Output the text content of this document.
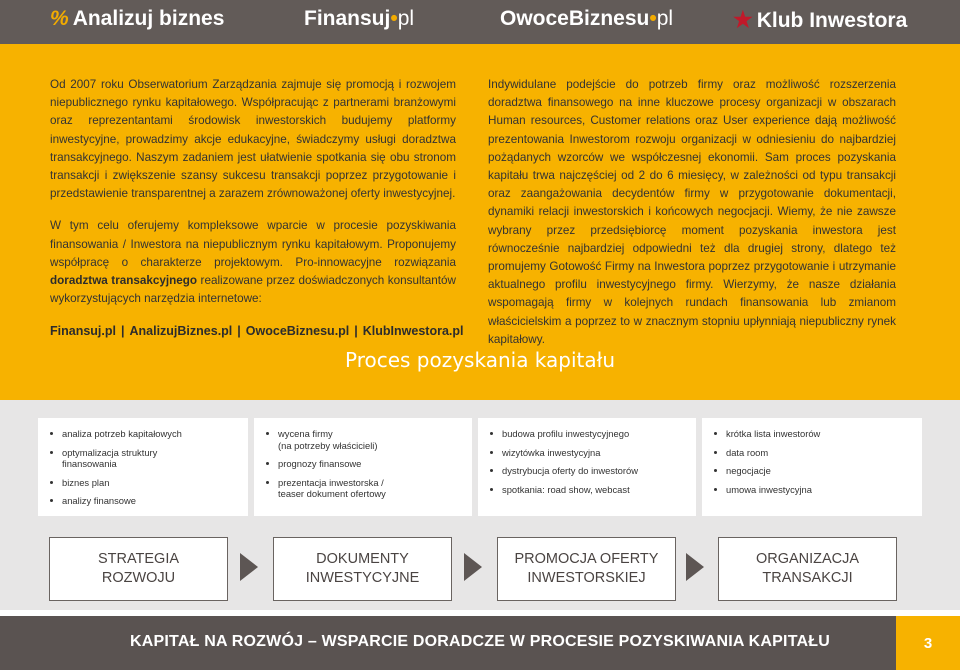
% Analizuj biznes	Finansuj•pl	OwoceBiznesu•pl	★ Klub Inwestora

Od 2007 roku Obserwatorium Zarządzania zajmuje się promocją i rozwojem niepublicznego rynku kapitałowego. Współpracując z partnerami branżowymi oraz reprezentantami środowisk inwestorskich budujemy platformy inwestycyjne, prowadzimy akcje edukacyjne, świadczymy usługi doradztwa transakcyjnego. Naszym zadaniem jest ułatwienie spotkania się obu stronom transakcji i zwiększenie szansy sukcesu transakcji poprzez przygotowanie i przedstawienie transparentnej a zarazem zrównoważonej oferty inwestycyjnej.

W tym celu oferujemy kompleksowe wparcie w procesie pozyskiwania finansowania / Inwestora na niepublicznym rynku kapitałowym. Proponujemy współpracę o charakterze projektowym. Pro-innowacyjne rozwiązania doradztwa transakcyjnego realizowane przez doświadczonych konsultantów wykorzystujących narzędzia internetowe:

Finansuj.pl | AnalizujBiznes.pl | OwoceBiznesu.pl | KlubInwestora.pl

Indywidulane podejście do potrzeb firmy oraz możliwość rozszerzenia doradztwa finansowego na inne kluczowe procesy organizacji w obszarach Human resources, Customer relations oraz User experience dają możliwość prezentowania Inwestorom rozwoju organizacji w odniesieniu do najbardziej pożądanych wzorców we współczesnej ekonomii. Sam proces pozyskania kapitału trwa najczęściej od 2 do 6 miesięcy, w zależności od typu transakcji oraz zaangażowania decydentów firmy w przygotowanie dokumentacji, dynamiki relacji inwestorskich i końcowych negocjacji. Wiemy, że nie zawsze wybrany przez przedsiębiorcę moment pozyskania inwestora jest równocześnie najbardziej odpowiedni też dla drugiej strony, dlatego też promujemy Gotowość Firmy na Inwestora poprzez przygotowanie i utrzymanie aktualnego profilu inwestycyjnego firmy. Wierzymy, że nasze działania wspomagają firmy w kolejnych rundach finansowania lub zmianom właścicielskim a poprzez to w znacznym stopniu upłynniają niepubliczny rynek kapitałowy.

Proces pozyskania kapitału
analiza potrzeb kapitałowych
optymalizacja struktury
finansowania
biznes plan
analizy finansowe
wycena firmy
(na potrzeby właścicieli)
prognozy finansowe
prezentacja inwestorska /
teaser dokument ofertowy
budowa profilu inwestycyjnego
wizytówka inwestycyjna
dystrybucja oferty do inwestorów
spotkania: road show, webcast
krótka lista inwestorów
data room
negocjacje
umowa inwestycyjna
STRATEGIA
ROZWOJU
DOKUMENTY
INWESTYCYJNE
PROMOCJA OFERTY
INWESTORSKIEJ
ORGANIZACJA
TRANSAKCJI
KAPITAŁ NA ROZWÓJ – WSPARCIE DORADCZE W PROCESIE POZYSKIWANIA KAPITAŁU	3
